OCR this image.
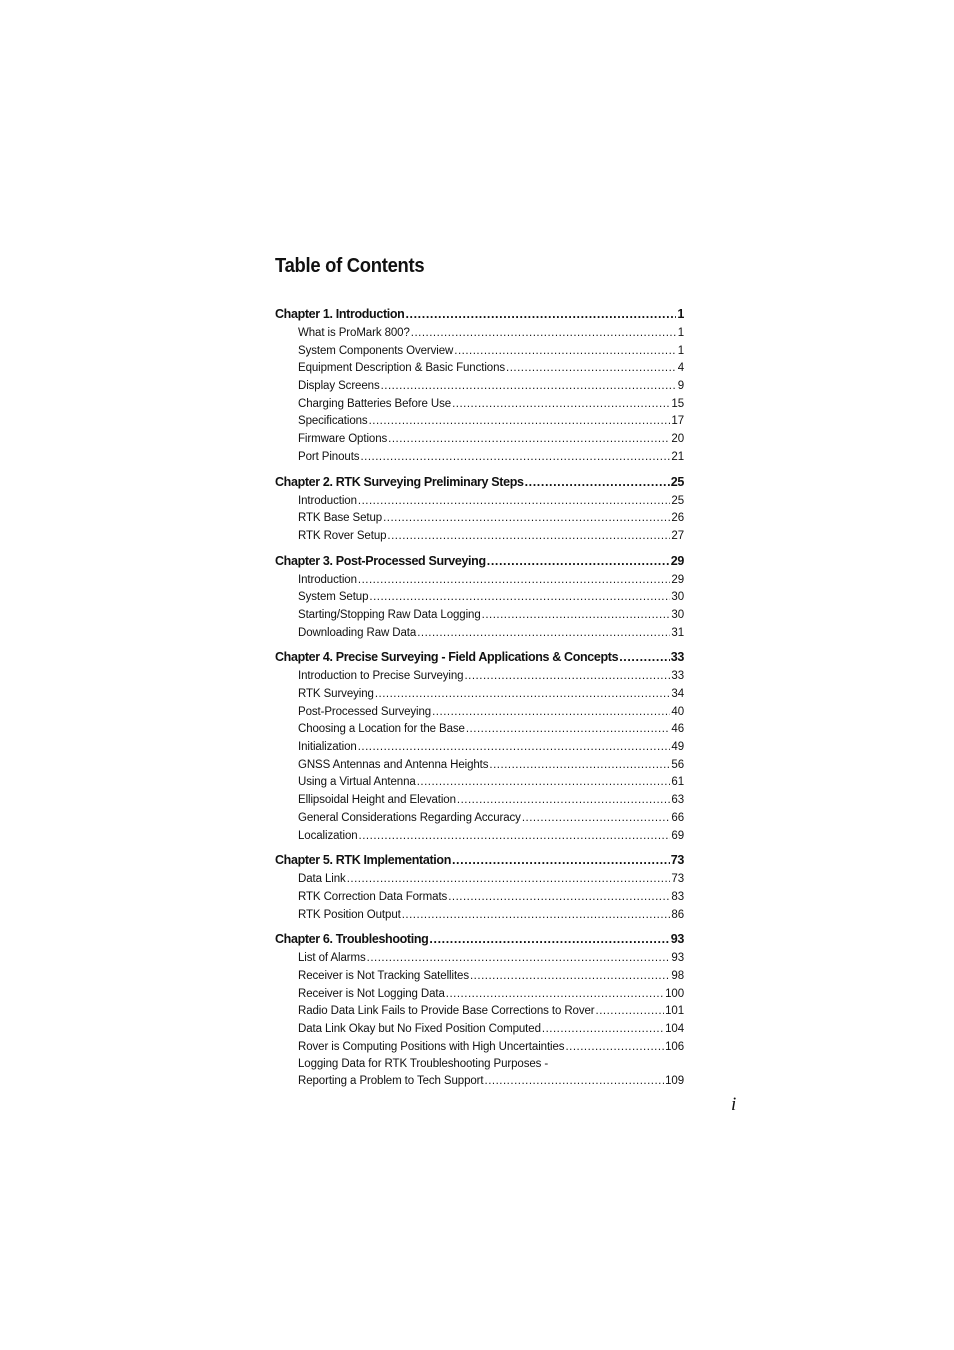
Table of Contents
Chapter 1. Introduction .....	1
What is ProMark 800? .....	1
System Components Overview .....	1
Equipment Description & Basic Functions .....	4
Display Screens .....	9
Charging Batteries Before Use .....	15
Specifications .....	17
Firmware Options .....	20
Port Pinouts .....	21
Chapter 2. RTK Surveying Preliminary Steps .....	25
Introduction .....	25
RTK Base Setup .....	26
RTK Rover Setup .....	27
Chapter 3. Post-Processed Surveying .....	29
Introduction .....	29
System Setup .....	30
Starting/Stopping Raw Data Logging .....	30
Downloading Raw Data .....	31
Chapter 4. Precise Surveying - Field Applications & Concepts .....	33
Introduction to Precise Surveying .....	33
RTK Surveying .....	34
Post-Processed Surveying .....	40
Choosing a Location for the Base .....	46
Initialization .....	49
GNSS Antennas and Antenna Heights .....	56
Using a Virtual Antenna .....	61
Ellipsoidal Height and Elevation .....	63
General Considerations Regarding Accuracy .....	66
Localization .....	69
Chapter 5. RTK Implementation .....	73
Data Link .....	73
RTK Correction Data Formats .....	83
RTK Position Output .....	86
Chapter 6. Troubleshooting .....	93
List of Alarms .....	93
Receiver is Not Tracking Satellites .....	98
Receiver is Not Logging Data .....	100
Radio Data Link Fails to Provide Base Corrections to Rover .....	101
Data Link Okay but No Fixed Position Computed .....	104
Rover is Computing Positions with High Uncertainties .....	106
Logging Data for RTK Troubleshooting Purposes -
Reporting a Problem to Tech Support .....	109
i
